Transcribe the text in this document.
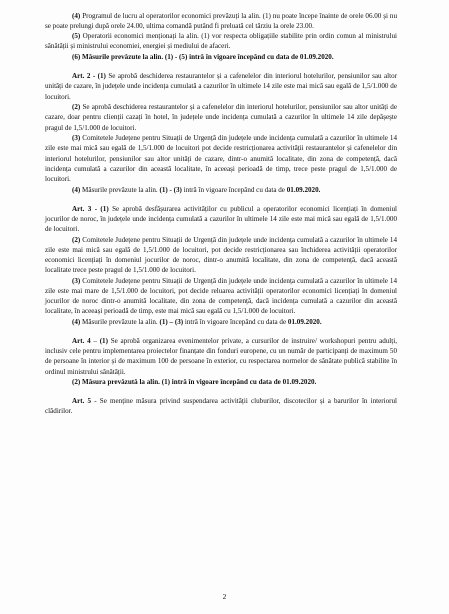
(4) Programul de lucru al operatorilor economici prevăzuți la alin. (1) nu poate începe înainte de orele 06.00 și nu se poate prelungi după orele 24.00, ultima comandă putând fi preluată cel târziu la orele 23.00.

(5) Operatorii economici menționați la alin. (1) vor respecta obligațiile stabilite prin ordin comun al ministrului sănătății și ministrului economiei, energiei și mediului de afaceri.

(6) Măsurile prevăzute la alin. (1) - (5) intră în vigoare începând cu data de 01.09.2020.

Art. 2 - (1) Se aprobă deschiderea restaurantelor și a cafenelelor din interiorul hotelurilor, pensiunilor sau altor unități de cazare, în județele unde incidența cumulată a cazurilor în ultimele 14 zile este mai mică sau egală de 1,5/1.000 de locuitori.

(2) Se aprobă deschiderea restaurantelor și a cafenelelor din interiorul hotelurilor, pensiunilor sau altor unități de cazare, doar pentru clienții cazați în hotel, în județele unde incidența cumulată a cazurilor în ultimele 14 zile depășește pragul de 1,5/1.000 de locuitori.

(3) Comitetele Județene pentru Situații de Urgență din județele unde incidența cumulată a cazurilor în ultimele 14 zile este mai mică sau egală de 1,5/1.000 de locuitori pot decide restricționarea activității restaurantelor și cafenelelor din interiorul hotelurilor, pensiunilor sau altor unități de cazare, dintr-o anumită localitate, din zona de competență, dacă incidența cumulată a cazurilor din această localitate, în aceeași perioadă de timp, trece peste pragul de 1,5/1.000 de locuitori.

(4) Măsurile prevăzute la alin. (1) - (3) intră în vigoare începând cu data de 01.09.2020.

Art. 3 - (1) Se aprobă desfășurarea activităților cu publicul a operatorilor economici licențiați în domeniul jocurilor de noroc, în județele unde incidența cumulată a cazurilor în ultimele 14 zile este mai mică sau egală de 1,5/1.000 de locuitori.

(2) Comitetele Județene pentru Situații de Urgență din județele unde incidența cumulată a cazurilor în ultimele 14 zile este mai mică sau egală de 1,5/1.000 de locuitori, pot decide restricționarea sau închiderea activității operatorilor economici licențiați în domeniul jocurilor de noroc, dintr-o anumită localitate, din zona de competență, dacă această localitate trece peste pragul de 1,5/1.000 de locuitori.

(3) Comitetele Județene pentru Situații de Urgență din județele unde incidența cumulată a cazurilor în ultimele 14 zile este mai mare de 1,5/1.000 de locuitori, pot decide reluarea activității operatorilor economici licențiați în domeniul jocurilor de noroc dintr-o anumită localitate, din zona de competență, dacă incidența cumulată a cazurilor din această localitate, în aceeași perioadă de timp, este mai mică sau egală cu 1,5/1.000 de locuitori.

(4) Măsurile prevăzute la alin. (1) – (3) intră în vigoare începând cu data de 01.09.2020.

Art. 4 – (1) Se aprobă organizarea evenimentelor private, a cursurilor de instruire/ workshopuri pentru adulți, inclusiv cele pentru implementarea proiectelor finanțate din fonduri europene, cu un număr de participanți de maximum 50 de persoane în interior și de maximum 100 de persoane în exterior, cu respectarea normelor de sănătate publică stabilite în ordinul ministrului sănătății.

(2) Măsura prevăzută la alin. (1) intră în vigoare începând cu data de 01.09.2020.

Art. 5 - Se menține măsura privind suspendarea activității cluburilor, discotecilor și a barurilor în interiorul clădirilor.

2
